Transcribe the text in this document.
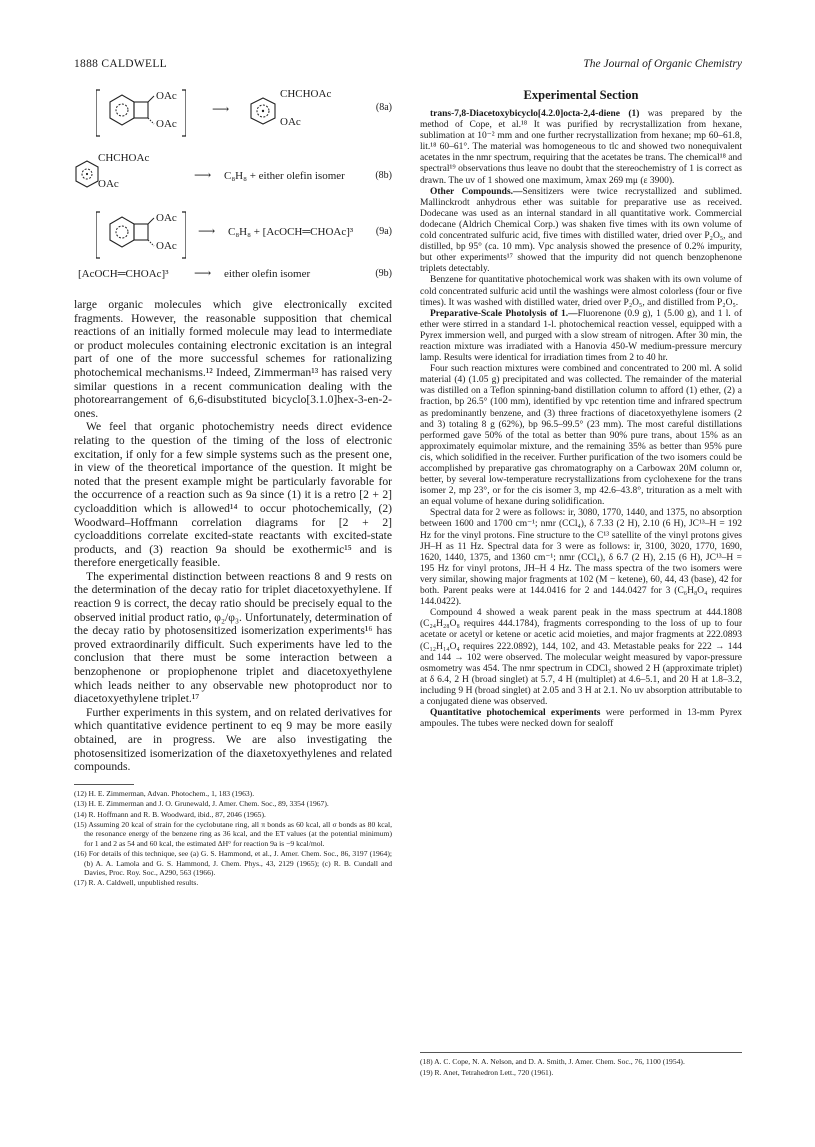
1888 CALDWELL	The Journal of Organic Chemistry
OAc
OAc
⟶
CHCHOAc
OAc
(8a)
CHCHOAc
OAc
⟶ C₈H₈ + either olefin isomer	(8b)
OAc
OAc
⟶ C₈H₈ + [AcOCH═CHOAc]³ (9a)
[AcOCH═CHOAc]³ ⟶ either olefin isomer	(9b)

large organic molecules which give electronically excited fragments. However, the reasonable supposition that chemical reactions of an initially formed molecule may lead to intermediate or product molecules containing electronic excitation is an integral part of one of the more successful schemes for rationalizing photochemical mechanisms.¹² Indeed, Zimmerman¹³ has raised very similar questions in a recent communication dealing with the photorearrangement of 6,6-disubstituted bicyclo[3.1.0]hex-3-en-2-ones.

We feel that organic photochemistry needs direct evidence relating to the question of the timing of the loss of electronic excitation, if only for a few simple systems such as the present one, in view of the theoretical importance of the question. It might be noted that the present example might be particularly favorable for the occurrence of a reaction such as 9a since (1) it is a retro [2 + 2] cycloaddition which is allowed¹⁴ to occur photochemically, (2) Woodward–Hoffmann correlation diagrams for [2 + 2] cycloadditions correlate excited-state reactants with excited-state products, and (3) reaction 9a should be exothermic¹⁵ and is therefore energetically feasible.

The experimental distinction between reactions 8 and 9 rests on the determination of the decay ratio for triplet diacetoxyethylene. If reaction 9 is correct, the decay ratio should be precisely equal to the observed initial product ratio, φ₂/φ₃. Unfortunately, determination of the decay ratio by photosensitized isomerization experiments¹⁶ has proved extraordinarily difficult. Such experiments have led to the conclusion that there must be some interaction between a benzophenone or propiophenone triplet and diacetoxyethylene which leads neither to any observable new photoproduct nor to diacetoxyethylene triplet.¹⁷

Further experiments in this system, and on related derivatives for which quantitative evidence pertinent to eq 9 may be more easily obtained, are in progress. We are also investigating the photosensitized isomerization of the diaxetoxyethylenes and related compounds.

(12) H. E. Zimmerman, Advan. Photochem., 1, 183 (1963).

(13) H. E. Zimmerman and J. O. Grunewald, J. Amer. Chem. Soc., 89, 3354 (1967).

(14) R. Hoffmann and R. B. Woodward, ibid., 87, 2046 (1965).

(15) Assuming 20 kcal of strain for the cyclobutane ring, all π bonds as 60 kcal, all σ bonds as 80 kcal, the resonance energy of the benzene ring as 36 kcal, and the ET values (at the potential minimum) for 1 and 2 as 54 and 60 kcal, the estimated ΔH° for reaction 9a is −9 kcal/mol.

(16) For details of this technique, see (a) G. S. Hammond, et al., J. Amer. Chem. Soc., 86, 3197 (1964); (b) A. A. Lamola and G. S. Hammond, J. Chem. Phys., 43, 2129 (1965); (c) R. B. Cundall and Davies, Proc. Roy. Soc., A290, 563 (1966).

(17) R. A. Caldwell, unpublished results.

Experimental Section

trans-7,8-Diacetoxybicyclo[4.2.0]octa-2,4-diene (1) was prepared by the method of Cope, et al.¹⁸ It was purified by recrystallization from hexane, sublimation at 10⁻² mm and one further recrystallization from hexane; mp 60–61.8, lit.¹⁸ 60–61°. The material was homogeneous to tlc and showed two nonequivalent acetates in the nmr spectrum, requiring that the acetates be trans. The chemical¹⁸ and spectral¹⁹ observations thus leave no doubt that the stereochemistry of 1 is correct as drawn. The uv of 1 showed one maximum, λmax 269 mμ (ε 3900).

Other Compounds.—Sensitizers were twice recrystallized and sublimed. Mallinckrodt anhydrous ether was suitable for preparative use as received. Dodecane was used as an internal standard in all quantitative work. Commercial dodecane (Aldrich Chemical Corp.) was shaken five times with its own volume of cold concentrated sulfuric acid, five times with distilled water, dried over P₂O₅, and distilled, bp 95° (ca. 10 mm). Vpc analysis showed the presence of 0.2% impurity, but other experiments¹⁷ showed that the impurity did not quench benzophenone triplets detectably.

Benzene for quantitative photochemical work was shaken with its own volume of cold concentrated sulfuric acid until the washings were almost colorless (four or five times). It was washed with distilled water, dried over P₂O₅, and distilled from P₂O₅.

Preparative-Scale Photolysis of 1.—Fluorenone (0.9 g), 1 (5.00 g), and 1 l. of ether were stirred in a standard 1-l. photochemical reaction vessel, equipped with a Pyrex immersion well, and purged with a slow stream of nitrogen. After 30 min, the reaction mixture was irradiated with a Hanovia 450-W medium-pressure mercury lamp. Results were identical for irradiation times from 2 to 40 hr.

Four such reaction mixtures were combined and concentrated to 200 ml. A solid material (4) (1.05 g) precipitated and was collected. The remainder of the material was distilled on a Teflon spinning-band distillation column to afford (1) ether, (2) a fraction, bp 26.5° (100 mm), identified by vpc retention time and infrared spectrum as predominantly benzene, and (3) three fractions of diacetoxyethylene isomers (2 and 3) totaling 8 g (62%), bp 96.5–99.5° (23 mm). The most careful distillations performed gave 50% of the total as better than 90% pure trans, about 15% as an approximately equimolar mixture, and the remaining 35% as better than 95% pure cis, which solidified in the receiver. Further purification of the two isomers could be accomplished by preparative gas chromatography on a Carbowax 20M column or, better, by several low-temperature recrystallizations from cyclohexene for the trans isomer 2, mp 23°, or for the cis isomer 3, mp 42.6–43.8°, trituration as a melt with an equal volume of hexane during solidification.

Spectral data for 2 were as follows: ir, 3080, 1770, 1440, and 1375, no absorption between 1600 and 1700 cm⁻¹; nmr (CCl₄), δ 7.33 (2 H), 2.10 (6 H), JC¹³–H = 192 Hz for the vinyl protons. Fine structure to the C¹³ satellite of the vinyl protons gives JH–H as 11 Hz. Spectral data for 3 were as follows: ir, 3100, 3020, 1770, 1690, 1620, 1440, 1375, and 1360 cm⁻¹; nmr (CCl₄), δ 6.7 (2 H), 2.15 (6 H), JC¹³–H = 195 Hz for vinyl protons, JH–H 4 Hz. The mass spectra of the two isomers were very similar, showing major fragments at 102 (M − ketene), 60, 44, 43 (base), 42 for both. Parent peaks were at 144.0416 for 2 and 144.0427 for 3 (C₆H₈O₄ requires 144.0422).

Compound 4 showed a weak parent peak in the mass spectrum at 444.1808 (C₂₄H₂₈O₈ requires 444.1784), fragments corresponding to the loss of up to four acetate or acetyl or ketene or acetic acid moieties, and major fragments at 222.0893 (C₁₂H₁₄O₄ requires 222.0892), 144, 102, and 43. Metastable peaks for 222 → 144 and 144 → 102 were observed. The molecular weight measured by vapor-pressure osmometry was 454. The nmr spectrum in CDCl₃ showed 2 H (approximate triplet) at δ 6.4, 2 H (broad singlet) at 5.7, 4 H (multiplet) at 4.6–5.1, and 20 H at 1.8–3.2, including 9 H (broad singlet) at 2.05 and 3 H at 2.1. No uv absorption attributable to a conjugated diene was observed.

Quantitative photochemical experiments were performed in 13-mm Pyrex ampoules. The tubes were necked down for sealoff

(18) A. C. Cope, N. A. Nelson, and D. A. Smith, J. Amer. Chem. Soc., 76, 1100 (1954).

(19) R. Anet, Tetrahedron Lett., 720 (1961).
